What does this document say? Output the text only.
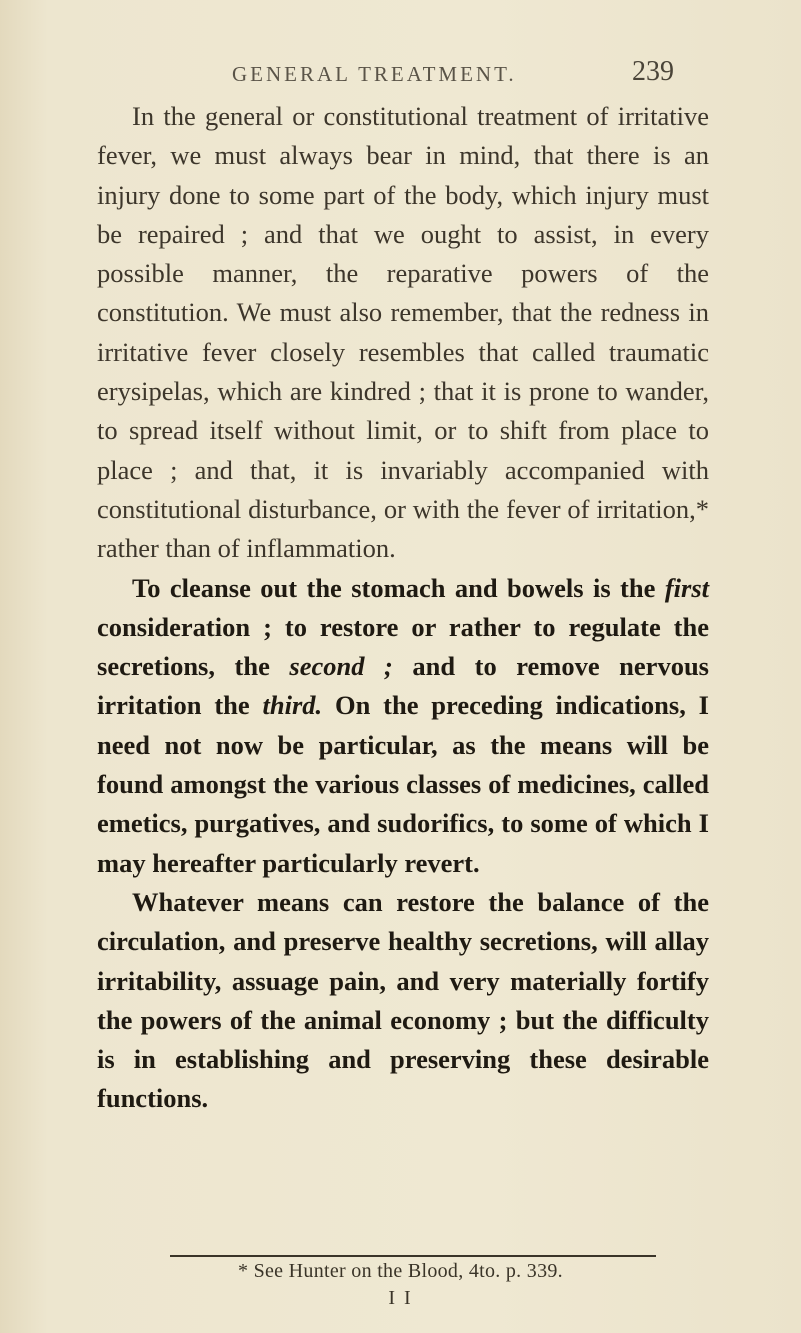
GENERAL TREATMENT.	239

In the general or constitutional treatment of irritative fever, we must always bear in mind, that there is an injury done to some part of the body, which injury must be repaired ; and that we ought to assist, in every possible manner, the reparative powers of the constitution. We must also remember, that the redness in irritative fever closely resembles that called traumatic erysipelas, which are kindred ; that it is prone to wander, to spread itself without limit, or to shift from place to place ; and that, it is invariably accompanied with constitutional disturbance, or with the fever of irritation,* rather than of inflammation.

To cleanse out the stomach and bowels is the first consideration ; to restore or rather to regulate the secretions, the second ; and to remove nervous irritation the third. On the preceding indications, I need not now be particular, as the means will be found amongst the various classes of medicines, called emetics, purgatives, and sudorifics, to some of which I may hereafter particularly revert.

Whatever means can restore the balance of the circulation, and preserve healthy secretions, will allay irritability, assuage pain, and very materially fortify the powers of the animal economy ; but the difficulty is in establishing and preserving these desirable functions.

* See Hunter on the Blood, 4to. p. 339.
I I
